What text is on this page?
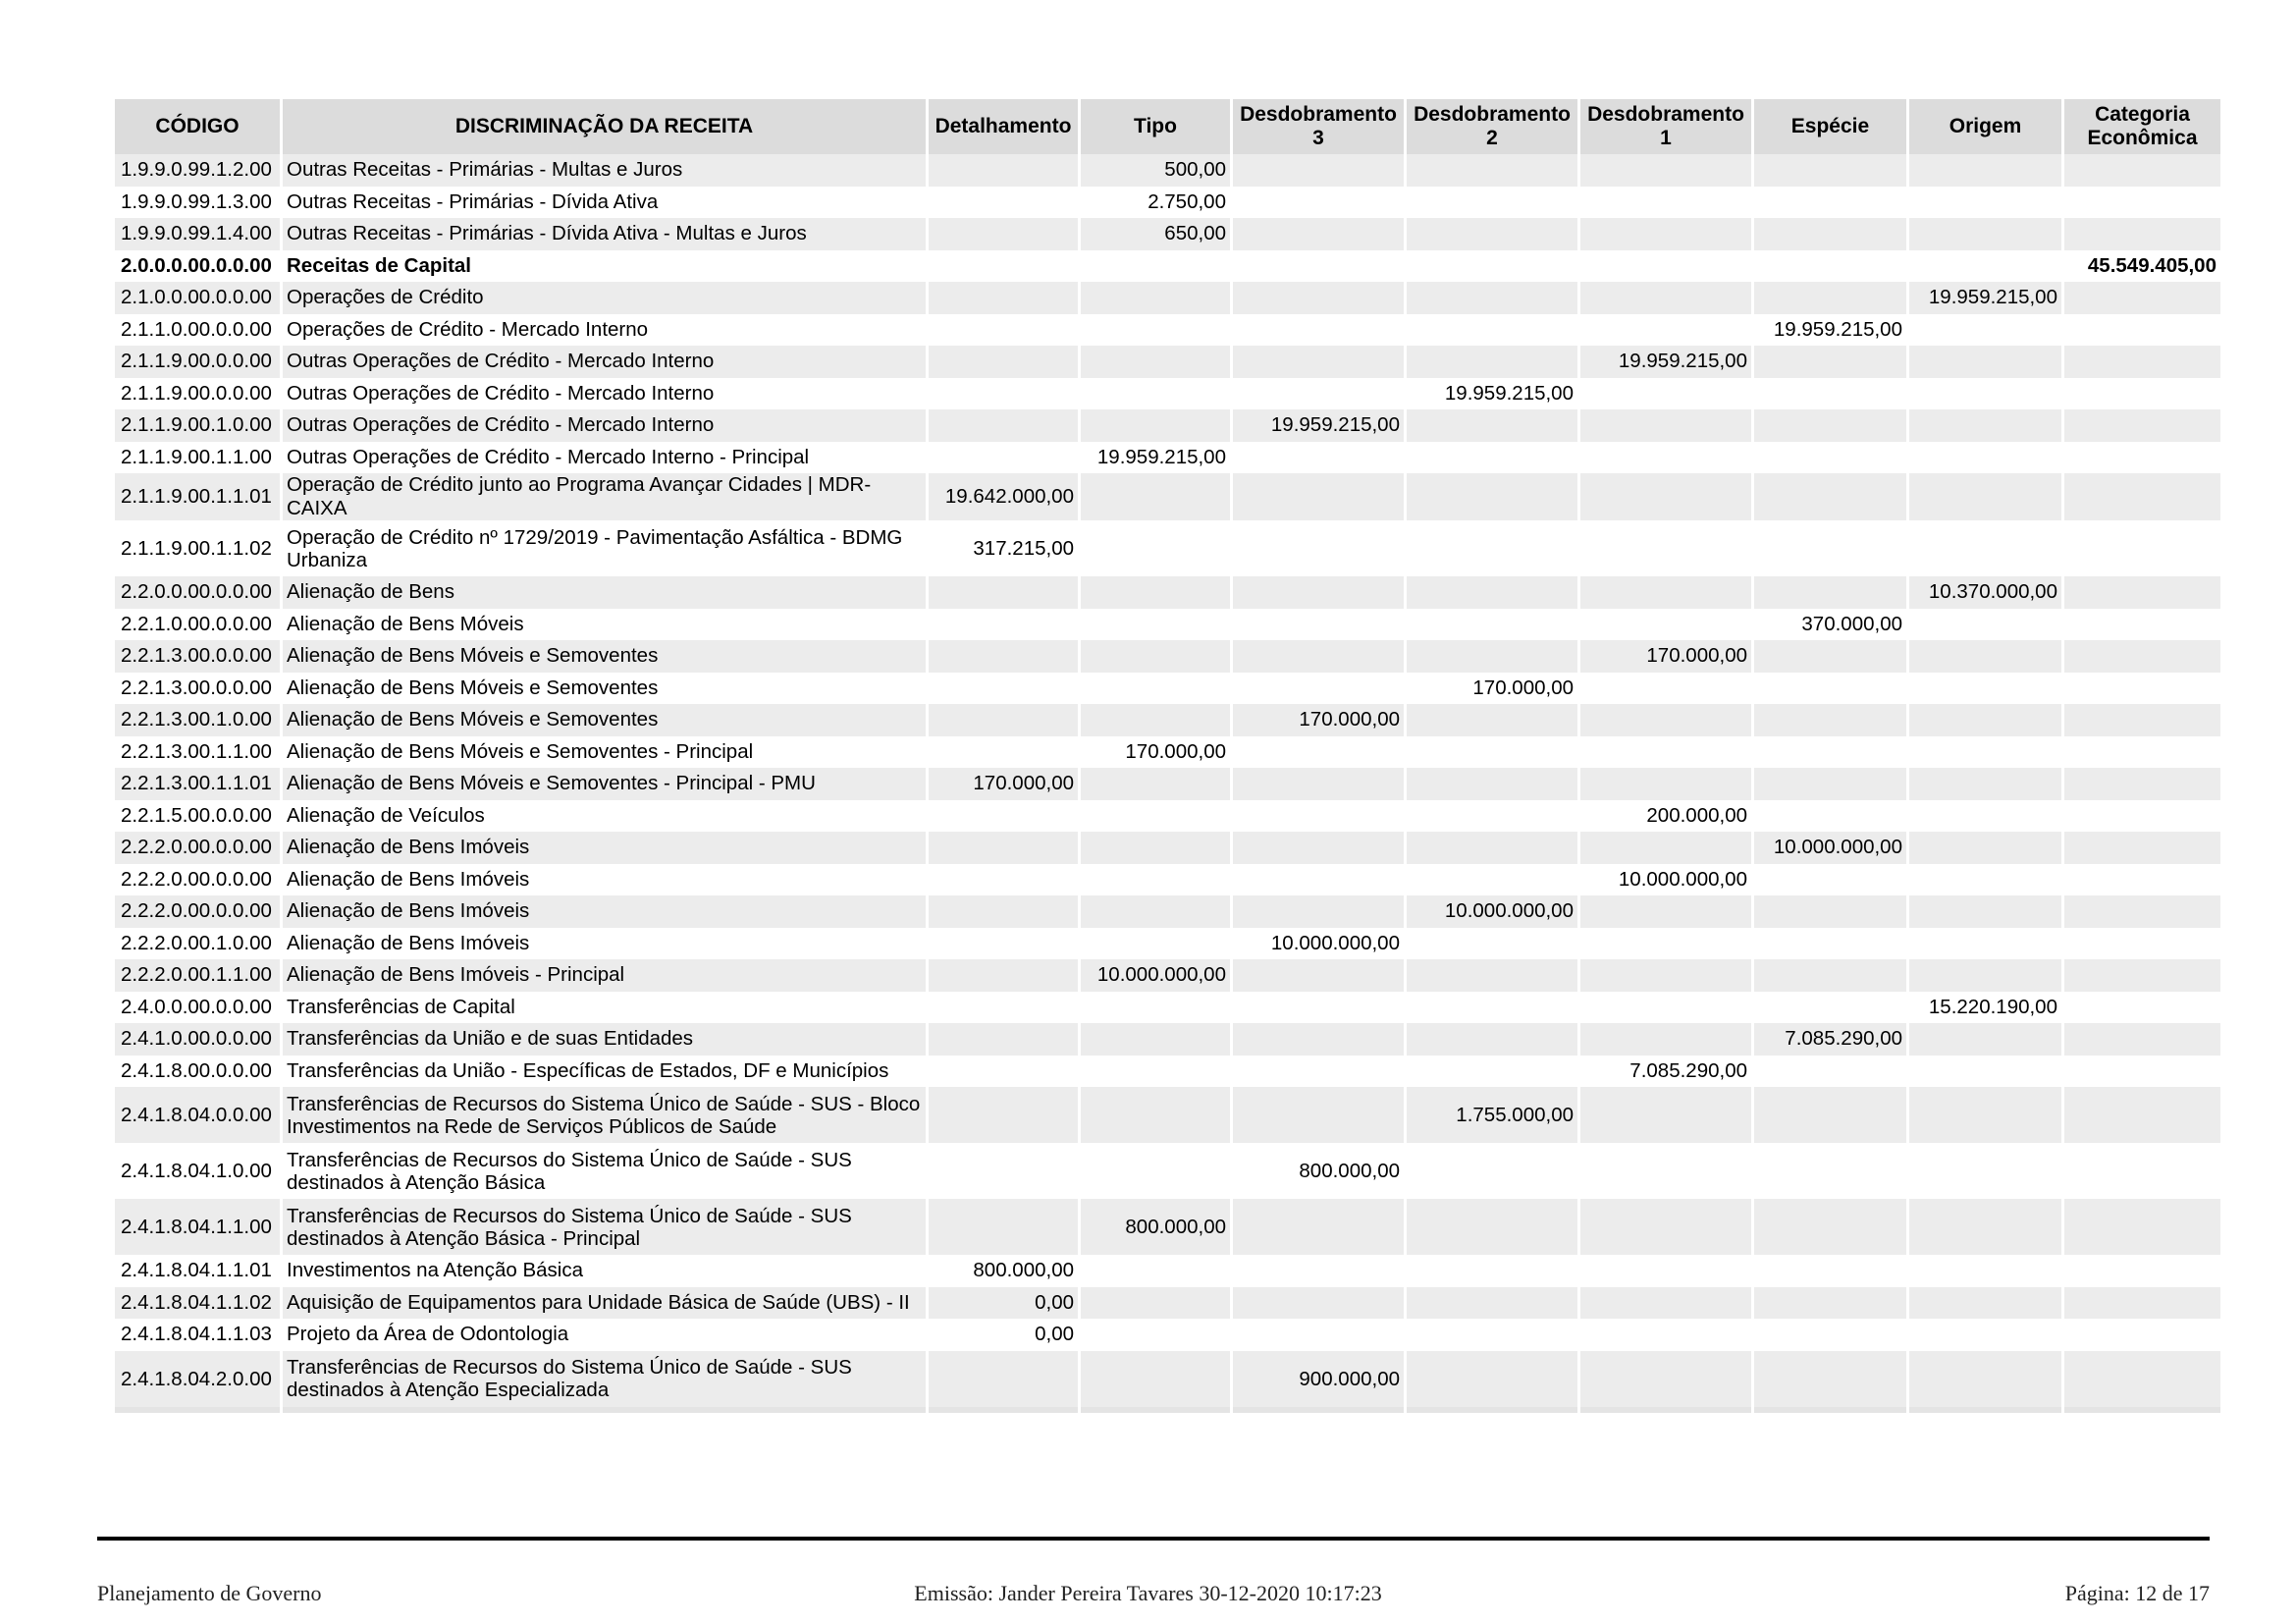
CÓDIGO	DISCRIMINAÇÃO DA RECEITA	Detalhamento	Tipo	Desdobramento 3	Desdobramento 2	Desdobramento 1	Espécie	Origem	Categoria Econômica
1.9.9.0.99.1.2.00	Outras Receitas - Primárias - Multas e Juros		500,00						
1.9.9.0.99.1.3.00	Outras Receitas - Primárias - Dívida Ativa		2.750,00						
1.9.9.0.99.1.4.00	Outras Receitas - Primárias - Dívida Ativa - Multas e Juros		650,00						
2.0.0.0.00.0.0.00	Receitas de Capital								45.549.405,00
2.1.0.0.00.0.0.00	Operações de Crédito							19.959.215,00	
2.1.1.0.00.0.0.00	Operações de Crédito - Mercado Interno						19.959.215,00		
2.1.1.9.00.0.0.00	Outras Operações de Crédito - Mercado Interno					19.959.215,00			
2.1.1.9.00.0.0.00	Outras Operações de Crédito - Mercado Interno				19.959.215,00				
2.1.1.9.00.1.0.00	Outras Operações de Crédito - Mercado Interno			19.959.215,00					
2.1.1.9.00.1.1.00	Outras Operações de Crédito - Mercado Interno - Principal		19.959.215,00						
2.1.1.9.00.1.1.01	Operação de Crédito junto ao Programa Avançar Cidades | MDR-CAIXA	19.642.000,00							
2.1.1.9.00.1.1.02	Operação de Crédito nº 1729/2019 - Pavimentação Asfáltica - BDMG Urbaniza	317.215,00							
2.2.0.0.00.0.0.00	Alienação de Bens							10.370.000,00	
2.2.1.0.00.0.0.00	Alienação de Bens Móveis						370.000,00		
2.2.1.3.00.0.0.00	Alienação de Bens Móveis e Semoventes					170.000,00			
2.2.1.3.00.0.0.00	Alienação de Bens Móveis e Semoventes				170.000,00				
2.2.1.3.00.1.0.00	Alienação de Bens Móveis e Semoventes			170.000,00					
2.2.1.3.00.1.1.00	Alienação de Bens Móveis e Semoventes - Principal		170.000,00						
2.2.1.3.00.1.1.01	Alienação de Bens Móveis e Semoventes - Principal - PMU	170.000,00							
2.2.1.5.00.0.0.00	Alienação de Veículos					200.000,00			
2.2.2.0.00.0.0.00	Alienação de Bens Imóveis						10.000.000,00		
2.2.2.0.00.0.0.00	Alienação de Bens Imóveis					10.000.000,00			
2.2.2.0.00.0.0.00	Alienação de Bens Imóveis				10.000.000,00				
2.2.2.0.00.1.0.00	Alienação de Bens Imóveis			10.000.000,00					
2.2.2.0.00.1.1.00	Alienação de Bens Imóveis - Principal		10.000.000,00						
2.4.0.0.00.0.0.00	Transferências de Capital							15.220.190,00	
2.4.1.0.00.0.0.00	Transferências da União e de suas Entidades						7.085.290,00		
2.4.1.8.00.0.0.00	Transferências da União - Específicas de Estados, DF e Municípios					7.085.290,00			
2.4.1.8.04.0.0.00	Transferências de Recursos do Sistema Único de Saúde - SUS - Bloco Investimentos na Rede de Serviços Públicos de Saúde				1.755.000,00				
2.4.1.8.04.1.0.00	Transferências de Recursos do Sistema Único de Saúde - SUS destinados à Atenção Básica			800.000,00					
2.4.1.8.04.1.1.00	Transferências de Recursos do Sistema Único de Saúde - SUS destinados à Atenção Básica - Principal		800.000,00						
2.4.1.8.04.1.1.01	Investimentos na Atenção Básica	800.000,00							
2.4.1.8.04.1.1.02	Aquisição de Equipamentos para Unidade Básica de Saúde (UBS) - II	0,00							
2.4.1.8.04.1.1.03	Projeto da Área de Odontologia	0,00							
2.4.1.8.04.2.0.00	Transferências de Recursos do Sistema Único de Saúde - SUS destinados à Atenção Especializada			900.000,00					
Planejamento de Governo	Emissão: Jander Pereira Tavares 30-12-2020 10:17:23	Página: 12 de 17
